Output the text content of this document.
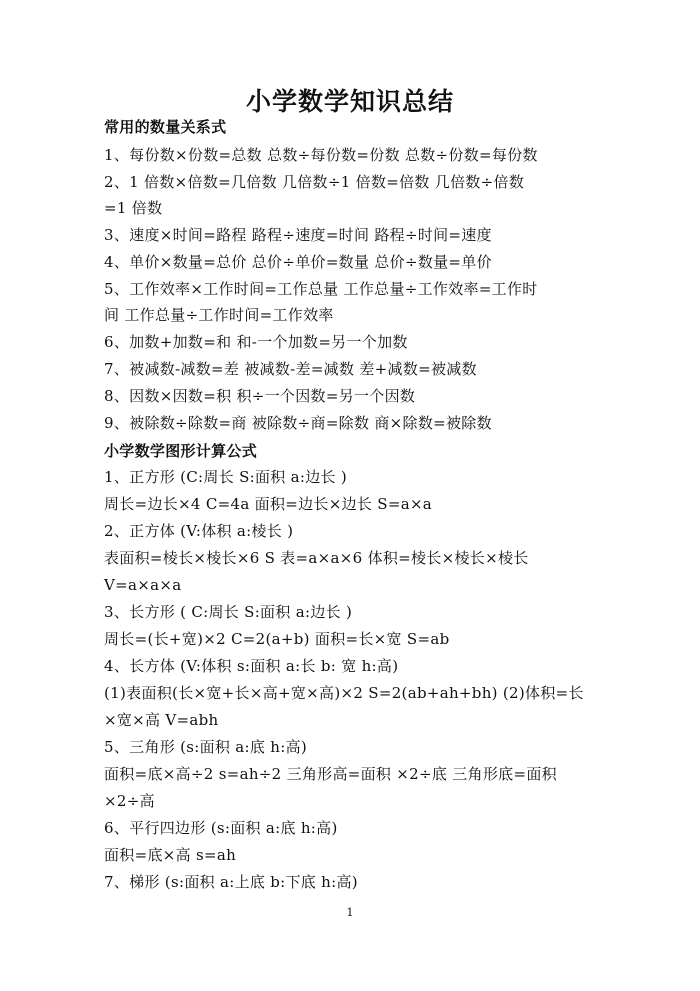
小学数学知识总结
常用的数量关系式
1、每份数×份数=总数 总数÷每份数=份数 总数÷份数=每份数
2、1 倍数×倍数=几倍数 几倍数÷1 倍数=倍数 几倍数÷倍数
=1 倍数
3、速度×时间=路程 路程÷速度=时间 路程÷时间=速度
4、单价×数量=总价 总价÷单价=数量 总价÷数量=单价
5、工作效率×工作时间=工作总量 工作总量÷工作效率=工作时
间 工作总量÷工作时间=工作效率
6、加数+加数=和 和-一个加数=另一个加数
7、被减数-减数=差 被减数-差=减数 差+减数=被减数
8、因数×因数=积 积÷一个因数=另一个因数
9、被除数÷除数=商 被除数÷商=除数 商×除数=被除数
小学数学图形计算公式
1、正方形 (C:周长 S:面积 a:边长 )
周长=边长×4 C=4a 面积=边长×边长 S=a×a
2、正方体 (V:体积 a:棱长 )
表面积=棱长×棱长×6 S 表=a×a×6 体积=棱长×棱长×棱长
V=a×a×a
3、长方形 ( C:周长 S:面积 a:边长 )
周长=(长+宽)×2 C=2(a+b) 面积=长×宽 S=ab
4、长方体 (V:体积 s:面积 a:长 b: 宽 h:高)
(1)表面积(长×宽+长×高+宽×高)×2 S=2(ab+ah+bh) (2)体积=长
×宽×高 V=abh
5、三角形 (s:面积 a:底 h:高)
面积=底×高÷2 s=ah÷2 三角形高=面积 ×2÷底 三角形底=面积
×2÷高
6、平行四边形 (s:面积 a:底 h:高)
面积=底×高 s=ah
7、梯形 (s:面积 a:上底 b:下底 h:高)
1
